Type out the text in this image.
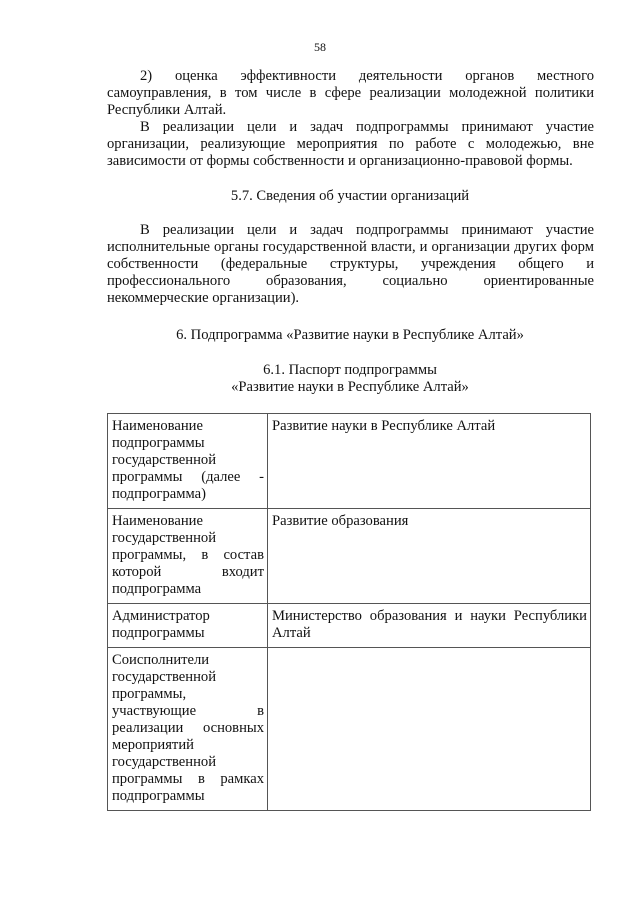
58

2) оценка эффективности деятельности органов местного самоуправления, в том числе в сфере реализации молодежной политики Республики Алтай.

В реализации цели и задач подпрограммы принимают участие организации, реализующие мероприятия по работе с молодежью, вне зависимости от формы собственности и организационно-правовой формы.

5.7. Сведения об участии организаций

В реализации цели и задач подпрограммы принимают участие исполнительные органы государственной власти, и организации других форм собственности (федеральные структуры, учреждения общего и профессионального образования, социально ориентированные некоммерческие организации).

6. Подпрограмма «Развитие науки в Республике Алтай»
6.1. Паспорт подпрограммы
«Развитие науки в Республике Алтай»
Наименование подпрограммы государственной программы (далее - подпрограмма)	Развитие науки в Республике Алтай
Наименование государственной программы, в состав которой входит подпрограмма	Развитие образования
Администратор подпрограммы	Министерство образования и науки Республики Алтай
Соисполнители государственной программы, участвующие в реализации основных мероприятий государственной программы в рамках подпрограммы	
